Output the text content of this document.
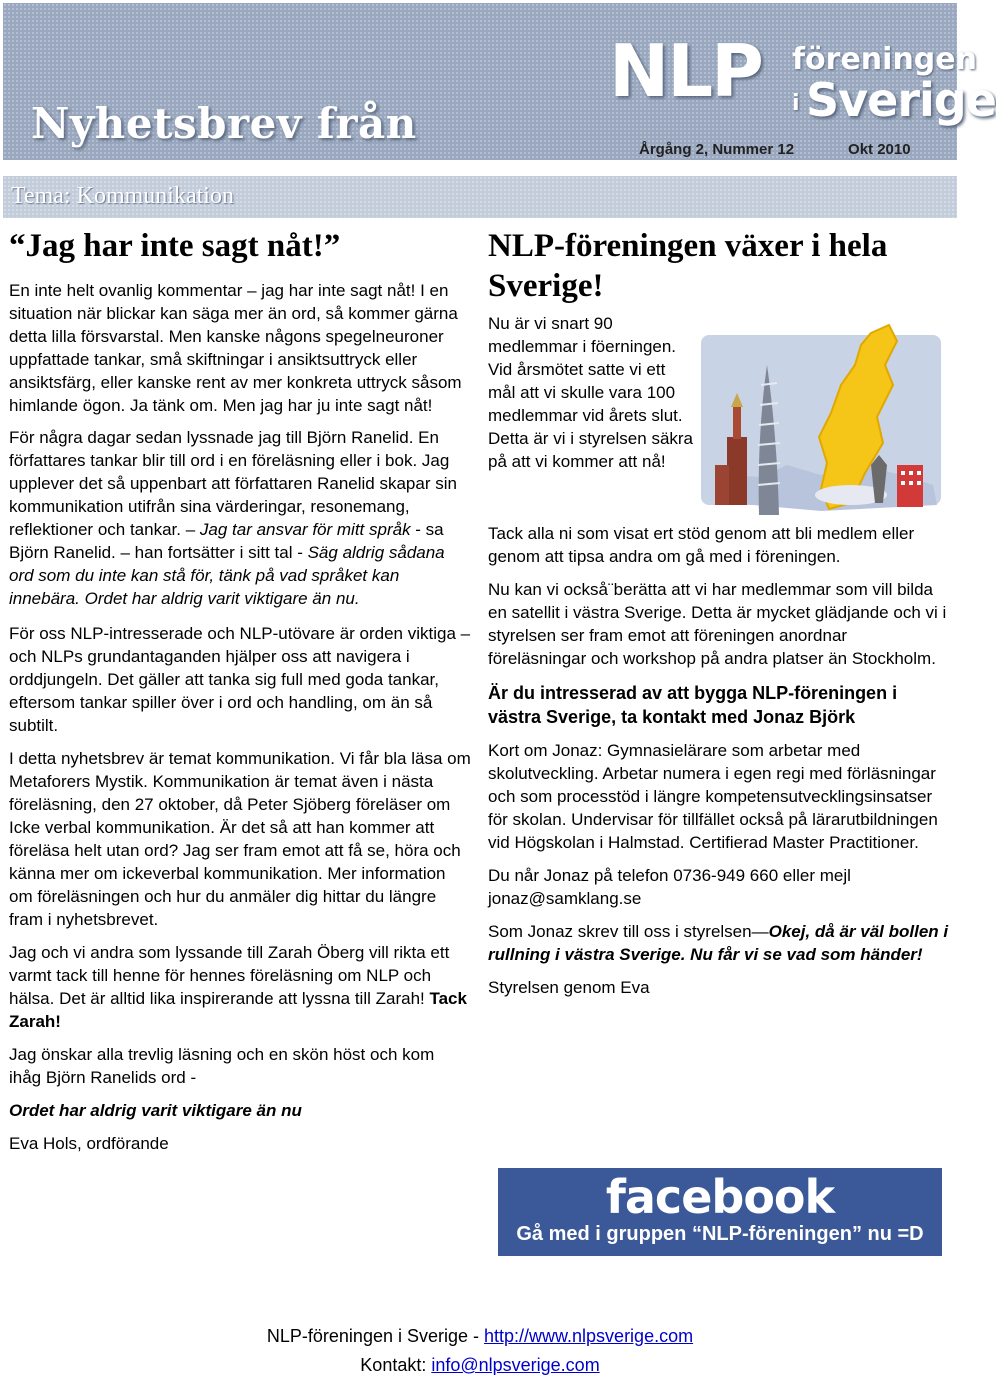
Nyhetsbrev från
NLP föreningen
i Sverige
Årgång 2, Nummer 12	Okt 2010
Tema: Kommunikation
“Jag har inte sagt nåt!”

En inte helt ovanlig kommentar – jag har inte sagt nåt! I en situation när blickar kan säga mer än ord, så kommer gärna detta lilla försvarstal. Men kanske någons spegelneuroner uppfattade tankar, små skiftningar i ansiktsuttryck eller ansiktsfärg, eller kanske rent av mer konkreta uttryck såsom himlande ögon. Ja tänk om. Men jag har ju inte sagt nåt!

För några dagar sedan lyssnade jag till Björn Ranelid. En författares tankar blir till ord i en föreläsning eller i bok. Jag upplever det så uppenbart att författaren Ranelid skapar sin kommunikation utifrån sina värderingar, resonemang, reflektioner och tankar. – Jag tar ansvar för mitt språk - sa Björn Ranelid. – han fortsätter i sitt tal - Säg aldrig sådana ord som du inte kan stå för, tänk på vad språket kan innebära. Ordet har aldrig varit viktigare än nu.

För oss NLP-intresserade och NLP-utövare är orden viktiga – och NLPs grundantaganden hjälper oss att navigera i orddjungeln. Det gäller att tanka sig full med goda tankar, eftersom tankar spiller över i ord och handling, om än så subtilt.

I detta nyhetsbrev är temat kommunikation. Vi får bla läsa om Metaforers Mystik. Kommunikation är temat även i nästa föreläsning, den 27 oktober, då Peter Sjöberg föreläser om Icke verbal kommunikation. Är det så att han kommer att föreläsa helt utan ord? Jag ser fram emot att få se, höra och känna mer om ickeverbal kommunikation. Mer information om föreläsningen och hur du anmäler dig hittar du längre fram i nyhetsbrevet.

Jag och vi andra som lyssande till Zarah Öberg vill rikta ett varmt tack till henne för hennes föreläsning om NLP och hälsa. Det är alltid lika inspirerande att lyssna till Zarah! Tack Zarah!

Jag önskar alla trevlig läsning och en skön höst och kom ihåg Björn Ranelids ord -

Ordet har aldrig varit viktigare än nu

Eva Hols, ordförande

NLP-föreningen växer i hela Sverige!
Nu är vi snart 90 medlemmar i föerningen. Vid årsmötet satte vi ett mål att vi skulle vara 100 medlemmar vid årets slut. Detta är vi i styrelsen säkra på att vi kommer att nå!

Tack alla ni som visat ert stöd genom att bli medlem eller genom att tipsa andra om gå med i föreningen.

Nu kan vi också¨berätta att vi har medlemmar som vill bilda en satellit i västra Sverige. Detta är mycket glädjande och vi i styrelsen ser fram emot att föreningen anordnar föreläsningar och workshop på andra platser än Stockholm.

Är du intresserad av att bygga NLP-föreningen i västra Sverige, ta kontakt med Jonaz Björk

Kort om Jonaz: Gymnasielärare som arbetar med skolutveckling. Arbetar numera i egen regi med förläsningar och som processtöd i längre kompetensutvecklingsinsatser för skolan. Undervisar för tillfället också på lärarutbildningen vid Högskolan i Halmstad. Certifierad Master Practitioner.

Du når Jonaz på telefon 0736-949 660 eller mejl jonaz@samklang.se

Som Jonaz skrev till oss i styrelsen—Okej, då är väl bollen i rullning i västra Sverige. Nu får vi se vad som händer!

Styrelsen genom Eva

facebook
Gå med i gruppen “NLP-föreningen” nu =D
NLP-föreningen i Sverige - http://www.nlpsverige.com
Kontakt: info@nlpsverige.com
